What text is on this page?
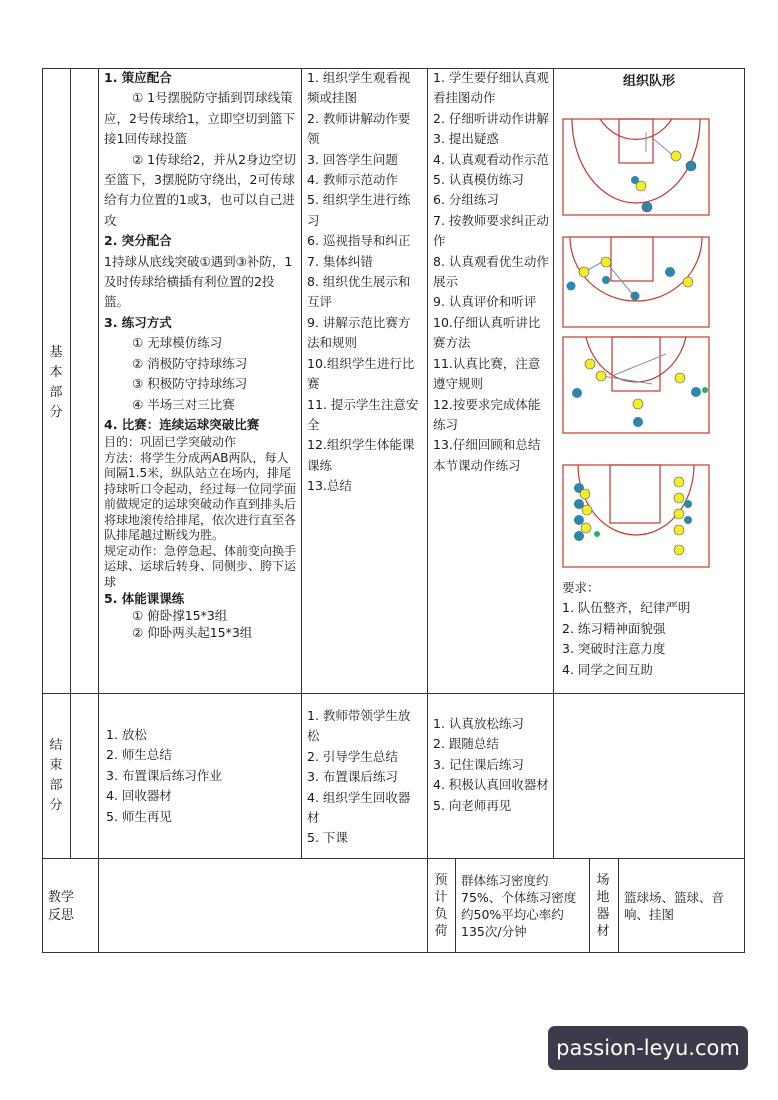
基
本
部
分

1. 策应配合

① 1号摆脱防守插到罚球线策应，2号传球给1，立即空切到篮下接1回传球投篮

② 1传球给2，并从2身边空切至篮下，3摆脱防守绕出，2可传球给有力位置的1或3，也可以自己进攻

2. 突分配合

1持球从底线突破①遇到③补防，1及时传球给横插有利位置的2投篮。

3. 练习方式

① 无球模仿练习

② 消极防守持球练习

③ 积极防守持球练习

④ 半场三对三比赛

4. 比赛：连续运球突破比赛

目的：巩固已学突破动作

方法：将学生分成两AB两队，每人间隔1.5米，纵队站立在场内，排尾持球听口令起动，经过每一位同学面前做规定的运球突破动作直到排头后将球地滚传给排尾，依次进行直至各队排尾越过断线为胜。

规定动作：急停急起、体前变向换手运球、运球后转身、同侧步、胯下运球

5. 体能课课练

① 俯卧撑15*3组

② 仰卧两头起15*3组

1. 组织学生观看视频或挂图

2. 教师讲解动作要领

3. 回答学生问题

4. 教师示范动作

5. 组织学生进行练习

6. 巡视指导和纠正

7. 集体纠错

8. 组织优生展示和互评

9. 讲解示范比赛方法和规则

10.组织学生进行比赛

11. 提示学生注意安全

12.组织学生体能课课练

13.总结

1. 学生要仔细认真观看挂图动作

2. 仔细听讲动作讲解

3. 提出疑惑

4. 认真观看动作示范

5. 认真模仿练习

6. 分组练习

7. 按教师要求纠正动作

8. 认真观看优生动作展示

9. 认真评价和听评

10.仔细认真听讲比赛方法

11.认真比赛，注意遵守规则

12.按要求完成体能练习

13.仔细回顾和总结本节课动作练习

组织队形

要求：

1. 队伍整齐，纪律严明

2. 练习精神面貌强

3. 突破时注意力度

4. 同学之间互助

结
束
部
分

1. 放松

2. 师生总结

3. 布置课后练习作业

4. 回收器材

5. 师生再见

1. 教师带领学生放松

2. 引导学生总结

3. 布置课后练习

4. 组织学生回收器材

5. 下课

1. 认真放松练习

2. 跟随总结

3. 记住课后练习

4. 积极认真回收器材

5. 向老师再见

教学反思
预
计
负
荷
群体练习密度约75%、个体练习密度约50%平均心率约135次/分钟
场
地
器
材
篮球场、篮球、音响、挂图
passion-leyu.com
